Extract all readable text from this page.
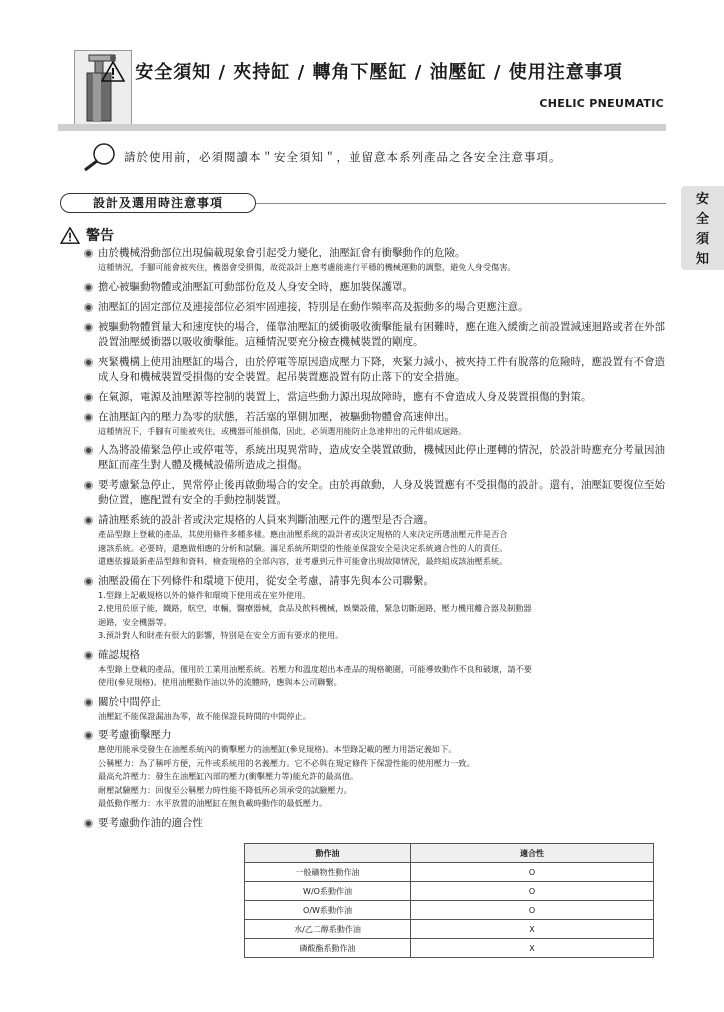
安全須知 / 夾持缸 / 轉角下壓缸 / 油壓缸 / 使用注意事項
CHELIC PNEUMATIC
請於使用前，必須閱讀本＂安全須知＂，並留意本系列產品之各安全注意事項。
設計及選用時注意事項	安
全
須
知
警告
由於機械滑動部位出現偏載現象會引起受力變化，油壓缸會有衝擊動作的危險。
這種情況，手腳可能會被夾住，機器會受損傷，故從設計上應考慮能進行平穩的機械運動的調整，避免人身受傷害。
擔心被驅動物體或油壓缸可動部份危及人身安全時，應加裝保護罩。
油壓缸的固定部位及連接部位必須牢固連接，特別是在動作頻率高及振動多的場合更應注意。
被驅動物體質量大和速度快的場合，僅靠油壓缸的緩衝吸收衝擊能量有困難時，應在進入緩衝之前設置減速迴路或者在外部設置油壓緩衝器以吸收衝擊能。這種情況要充分檢查機械裝置的剛度。
夾緊機構上使用油壓缸的場合，由於停電等原因造成壓力下降，夾緊力減小，被夾持工件有脫落的危險時，應設置有不會造成人身和機械裝置受損傷的安全裝置。起吊裝置應設置有防止落下的安全措施。
在氣源，電源及油壓源等控制的裝置上，當這些動力源出現故障時，應有不會造成人身及裝置損傷的對策。
在油壓缸內的壓力為零的狀態，若活塞的單側加壓，被驅動物體會高速伸出。
這種情況下，手腳有可能被夾住，或機器可能損傷，因此，必須選用能防止急速伸出的元件組成迴路。
人為將設備緊急停止或停電等，系統出現異常時，造成安全裝置啟動，機械因此停止運轉的情況，於設計時應充分考量因油壓缸而產生對人體及機械設備所造成之損傷。
要考慮緊急停止，異常停止後再啟動場合的安全。由於再啟動，人身及裝置應有不受損傷的設計。還有，油壓缸要復位至始動位置，應配置有安全的手動控制裝置。
請油壓系統的設計者或決定規格的人員來判斷油壓元件的選型是否合適。
產品型錄上登載的產品，其使用條件多種多樣。應由油壓系統的設計者或決定規格的人來決定所選油壓元件是否合
適該系統。必要時，還應做相應的分析和試驗。滿足系統所期望的性能並保證安全是決定系統適合性的人的責任。
還應依據最新產品型錄和資料，檢查規格的全部內容，並考慮到元件可能會出現故障情況，最終組成該油壓系統。
油壓設備在下列條件和環境下使用，從安全考慮，請事先與本公司聯繫。
1.型錄上記載規格以外的條件和環境下使用或在室外使用。
2.使用於原子能，鐵路，航空，車輛，醫療器械，食品及飲料機械，娛樂設備，緊急切斷迴路，壓力機用離合器及制動器
迴路，安全機器等。
3.預計對人和財產有很大的影響，特別是在安全方面有要求的使用。
確認規格
本型錄上登載的產品，僅用於工業用油壓系統。若壓力和溫度超出本產品的規格範圍，可能導致動作不良和破壞，請不要
使用(參見規格)。使用油壓動作油以外的流體時，應與本公司聯繫。
關於中間停止
油壓缸不能保證漏油為零，故不能保證長時間的中間停止。
要考慮衝擊壓力
應使用能承受發生在油壓系統內的衝擊壓力的油壓缸(參見規格)。本型錄記載的壓力用語定義如下。
公稱壓力：為了稱呼方便，元件或系統用的名義壓力。它不必與在規定條件下保證性能的使用壓力一致。
最高允許壓力：發生在油壓缸內部的壓力(衝擊壓力等)能允許的最高值。
耐壓試驗壓力：回復至公稱壓力時性能不降低所必須承受的試驗壓力。
最低動作壓力：水平放置的油壓缸在無負載時動作的最低壓力。
要考慮動作油的適合性
動作油	適合性
一般礦物性動作油	O
W/O系動作油	O
O/W系動作油	O
水/乙二醇系動作油	X
磷酸酯系動作油	X
